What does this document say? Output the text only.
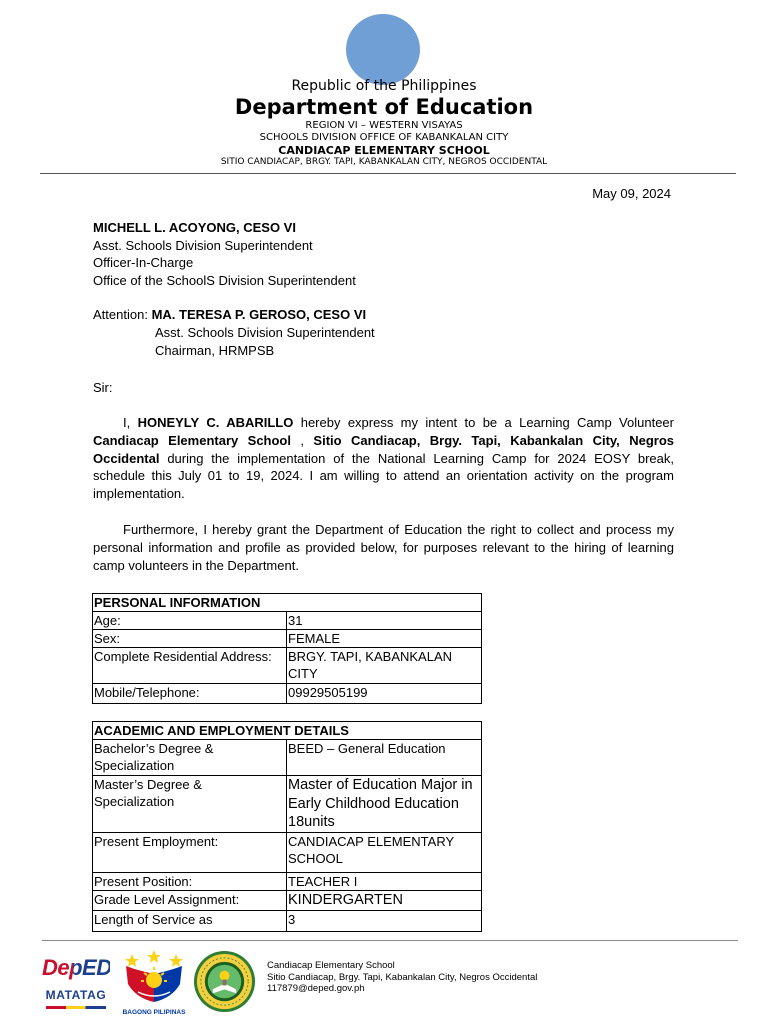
Republic of the Philippines
Department of Education
REGION VI – WESTERN VISAYAS
SCHOOLS DIVISION OFFICE OF KABANKALAN CITY
CANDIACAP ELEMENTARY SCHOOL
SITIO CANDIACAP, BRGY. TAPI, KABANKALAN CITY, NEGROS OCCIDENTAL
May 09, 2024
MICHELL L. ACOYONG, CESO VI
Asst. Schools Division Superintendent
Officer-In-Charge
Office of the SchoolS Division Superintendent
Attention: MA. TERESA P. GEROSO, CESO VI
Asst. Schools Division Superintendent
Chairman, HRMPSB
Sir:
I, HONEYLY C. ABARILLO hereby express my intent to be a Learning Camp Volunteer Candiacap Elementary School , Sitio Candiacap, Brgy. Tapi, Kabankalan City, Negros Occidental during the implementation of the National Learning Camp for 2024 EOSY break, schedule this July 01 to 19, 2024. I am willing to attend an orientation activity on the program implementation.
Furthermore, I hereby grant the Department of Education the right to collect and process my personal information and profile as provided below, for purposes relevant to the hiring of learning camp volunteers in the Department.
PERSONAL INFORMATION	
Age:	31
Sex:	FEMALE
Complete Residential Address:	BRGY. TAPI, KABANKALAN CITY
Mobile/Telephone:	09929505199
ACADEMIC AND EMPLOYMENT DETAILS	
Bachelor’s Degree & Specialization	BEED – General Education
Master’s Degree & Specialization	Master of Education Major in Early Childhood Education 18units
Present Employment:	CANDIACAP ELEMENTARY SCHOOL
Present Position:	TEACHER I
Grade Level Assignment:	KINDERGARTEN
Length of Service as	3
DepED
MATATAG
BAGONG PILIPINAS
Candiacap Elementary School
Sitio Candiacap, Brgy. Tapi, Kabankalan City, Negros Occidental
117879@deped.gov.ph
